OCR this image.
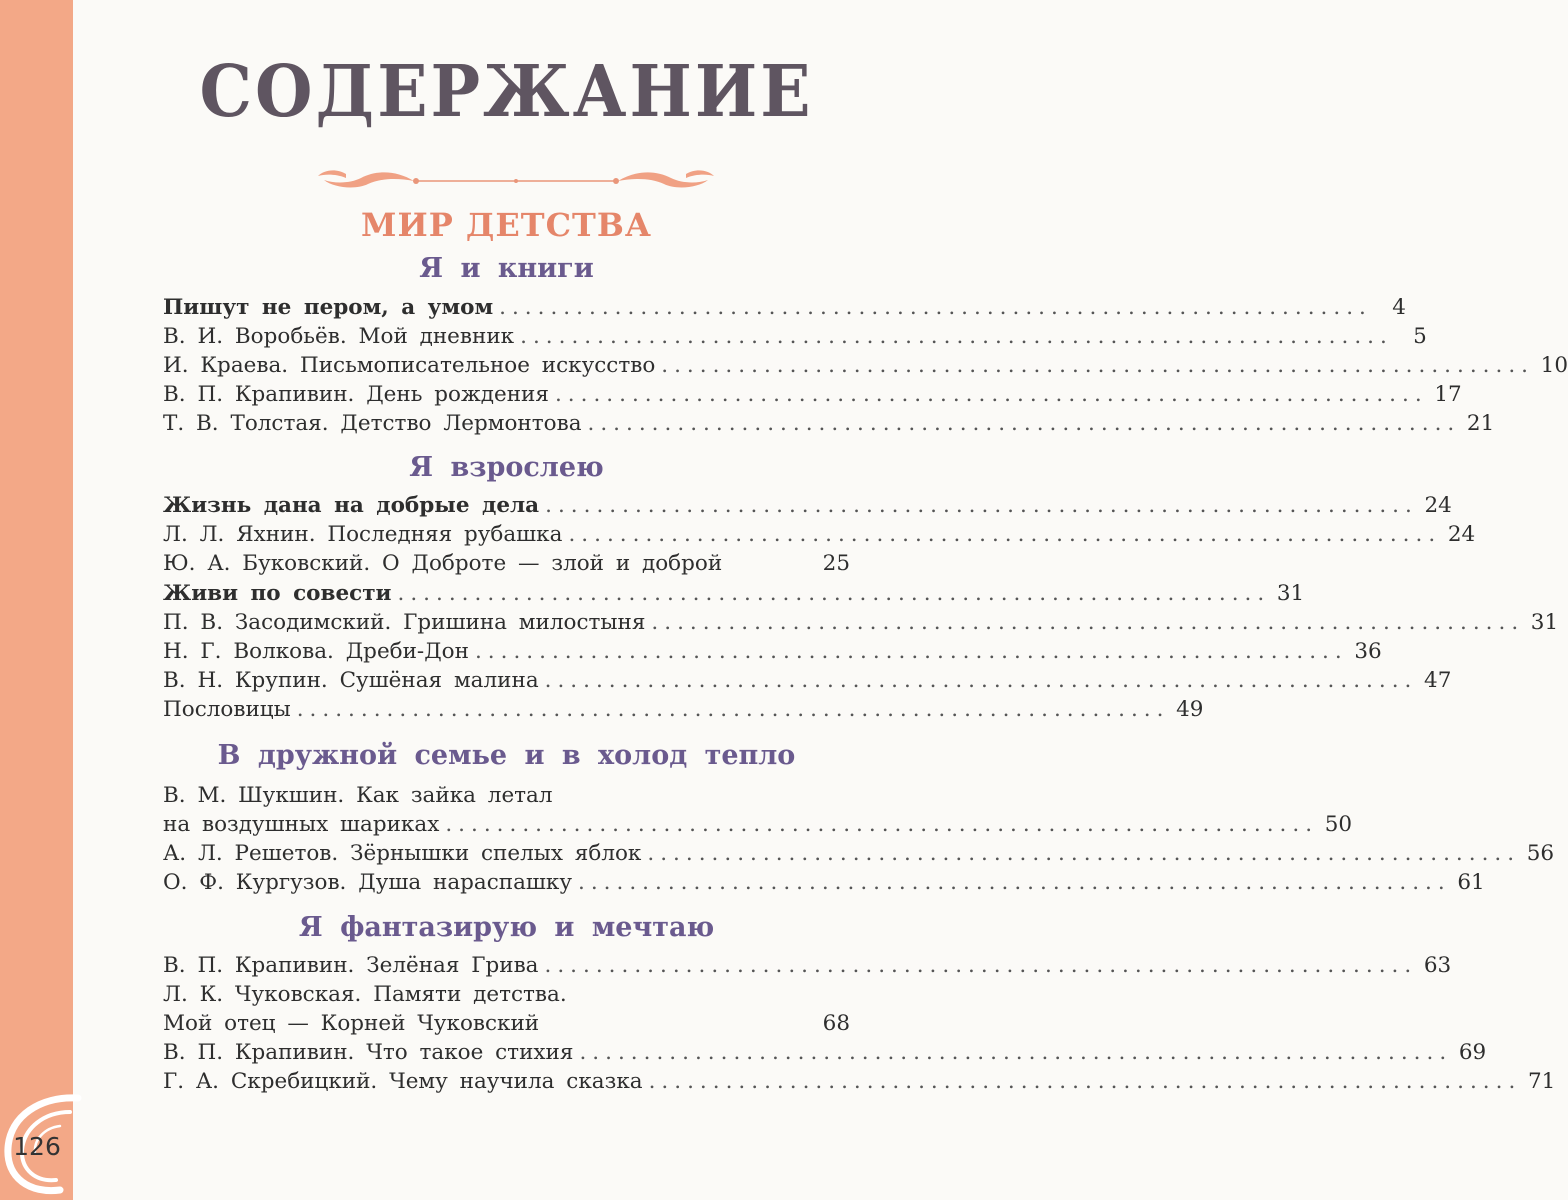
126
СОДЕРЖАНИЕ
МИР ДЕТСТВА
Я и книги
Пишут не пером, а умом .................................................................... 4
В. И. Воробьёв. Мой дневник .................................................................... 5
И. Краева. Письмописательное искусство .................................................................... 10
В. П. Крапивин. День рождения .................................................................... 17
Т. В. Толстая. Детство Лермонтова .................................................................... 21
Я взрослею
Жизнь дана на добрые дела .................................................................... 24
Л. Л. Яхнин. Последняя рубашка .................................................................... 24
Ю. А. Буковский. О Доброте — злой и доброй	25
Живи по совести .................................................................... 31
П. В. Засодимский. Гришина милостыня .................................................................... 31
Н. Г. Волкова. Дреби-Дон .................................................................... 36
В. Н. Крупин. Сушёная малина .................................................................... 47
Пословицы .................................................................... 49
В дружной семье и в холод тепло
В. М. Шукшин. Как зайка летал
на воздушных шариках .................................................................... 50
А. Л. Решетов. Зёрнышки спелых яблок .................................................................... 56
О. Ф. Кургузов. Душа нараспашку .................................................................... 61
Я фантазирую и мечтаю
В. П. Крапивин. Зелёная Грива .................................................................... 63
Л. К. Чуковская. Памяти детства.
Мой отец — Корней Чуковский	68
В. П. Крапивин. Что такое стихия .................................................................... 69
Г. А. Скребицкий. Чему научила сказка .................................................................... 71
